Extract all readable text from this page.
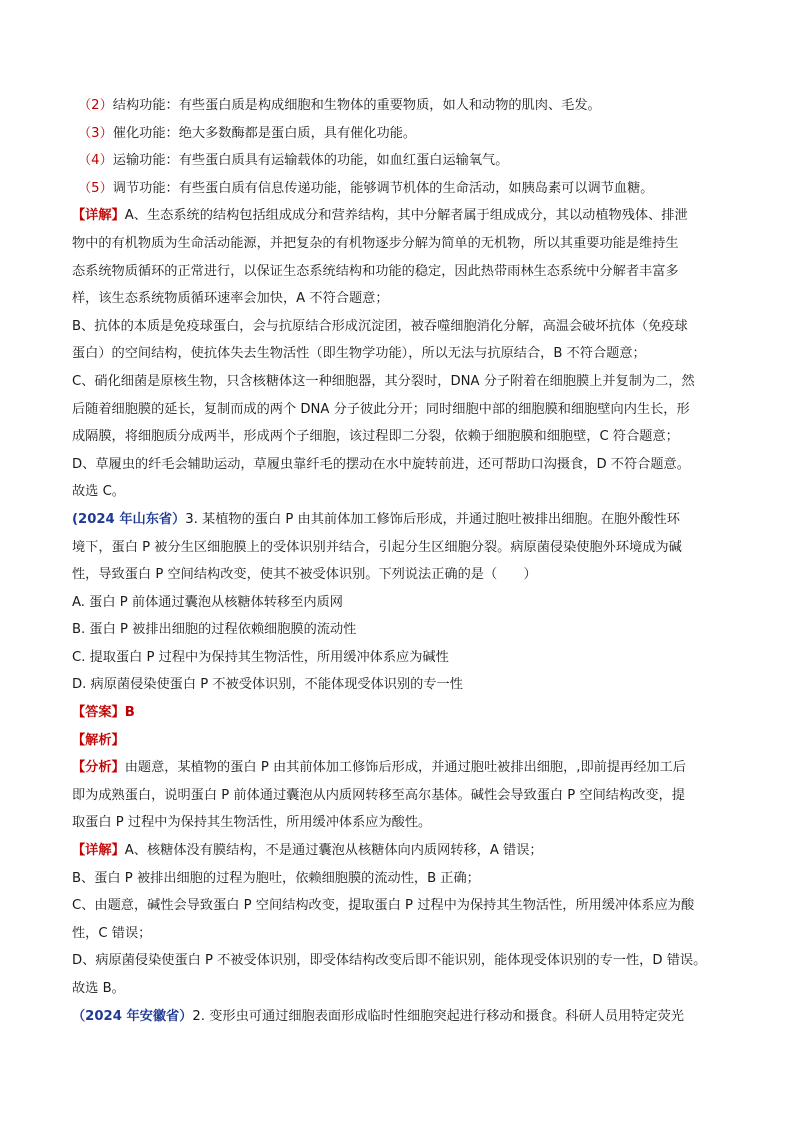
（2）结构功能：有些蛋白质是构成细胞和生物体的重要物质，如人和动物的肌肉、毛发。

（3）催化功能：绝大多数酶都是蛋白质，具有催化功能。

（4）运输功能：有些蛋白质具有运输载体的功能，如血红蛋白运输氧气。

（5）调节功能：有些蛋白质有信息传递功能，能够调节机体的生命活动，如胰岛素可以调节血糖。

【详解】A、生态系统的结构包括组成成分和营养结构，其中分解者属于组成成分，其以动植物残体、排泄

物中的有机物质为生命活动能源，并把复杂的有机物逐步分解为简单的无机物，所以其重要功能是维持生

态系统物质循环的正常进行，以保证生态系统结构和功能的稳定，因此热带雨林生态系统中分解者丰富多

样，该生态系统物质循环速率会加快，A 不符合题意；

B、抗体的本质是免疫球蛋白，会与抗原结合形成沉淀团，被吞噬细胞消化分解，高温会破坏抗体（免疫球

蛋白）的空间结构，使抗体失去生物活性（即生物学功能），所以无法与抗原结合，B 不符合题意；

C、硝化细菌是原核生物，只含核糖体这一种细胞器，其分裂时，DNA 分子附着在细胞膜上并复制为二，然

后随着细胞膜的延长，复制而成的两个 DNA 分子彼此分开；同时细胞中部的细胞膜和细胞壁向内生长，形

成隔膜，将细胞质分成两半，形成两个子细胞，该过程即二分裂，依赖于细胞膜和细胞壁，C 符合题意；

D、草履虫的纤毛会辅助运动，草履虫靠纤毛的摆动在水中旋转前进，还可帮助口沟摄食，D 不符合题意。

故选 C。

(2024 年山东省）3. 某植物的蛋白 P 由其前体加工修饰后形成，并通过胞吐被排出细胞。在胞外酸性环

境下，蛋白 P 被分生区细胞膜上的受体识别并结合，引起分生区细胞分裂。病原菌侵染使胞外环境成为碱

性，导致蛋白 P 空间结构改变，使其不被受体识别。下列说法正确的是（　　）

A. 蛋白 P 前体通过囊泡从核糖体转移至内质网

B. 蛋白 P 被排出细胞的过程依赖细胞膜的流动性

C. 提取蛋白 P 过程中为保持其生物活性，所用缓冲体系应为碱性

D. 病原菌侵染使蛋白 P 不被受体识别，不能体现受体识别的专一性

【答案】B

【解析】

【分析】由题意，某植物的蛋白 P 由其前体加工修饰后形成，并通过胞吐被排出细胞，,即前提再经加工后

即为成熟蛋白，说明蛋白 P 前体通过囊泡从内质网转移至高尔基体。碱性会导致蛋白 P 空间结构改变，提

取蛋白 P 过程中为保持其生物活性，所用缓冲体系应为酸性。

【详解】A、核糖体没有膜结构，不是通过囊泡从核糖体向内质网转移，A 错误；

B、蛋白 P 被排出细胞的过程为胞吐，依赖细胞膜的流动性，B 正确；

C、由题意，碱性会导致蛋白 P 空间结构改变，提取蛋白 P 过程中为保持其生物活性，所用缓冲体系应为酸

性，C 错误；

D、病原菌侵染使蛋白 P 不被受体识别，即受体结构改变后即不能识别，能体现受体识别的专一性，D 错误。

故选 B。

（2024 年安徽省）2. 变形虫可通过细胞表面形成临时性细胞突起进行移动和摄食。科研人员用特定荧光
